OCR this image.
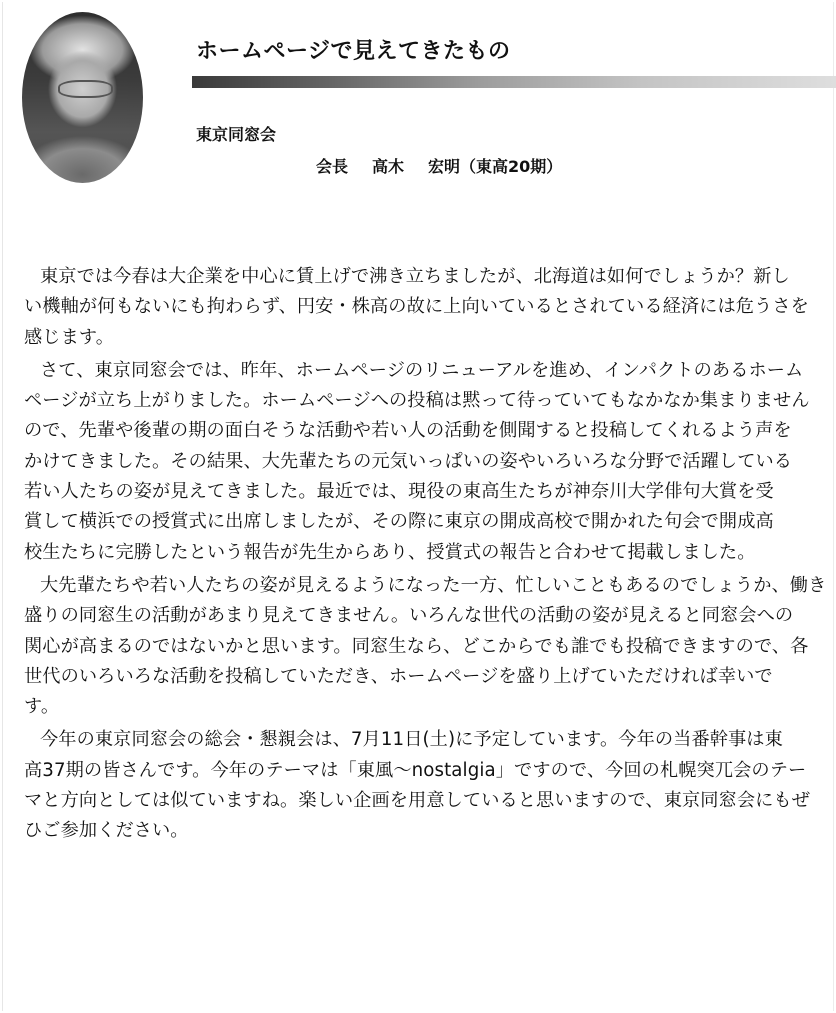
ホームページで見えてきたもの
東京同窓会
会長 高木 宏明（東高20期）
東京では今春は大企業を中心に賃上げで沸き立ちましたが、北海道は如何でしょうか？新し
い機軸が何もないにも拘わらず、円安・株高の故に上向いているとされている経済には危うさを
感じます。
さて、東京同窓会では、昨年、ホームページのリニューアルを進め、インパクトのあるホーム
ページが立ち上がりました。ホームページへの投稿は黙って待っていてもなかなか集まりません
ので、先輩や後輩の期の面白そうな活動や若い人の活動を側聞すると投稿してくれるよう声を
かけてきました。その結果、大先輩たちの元気いっぱいの姿やいろいろな分野で活躍している
若い人たちの姿が見えてきました。最近では、現役の東高生たちが神奈川大学俳句大賞を受
賞して横浜での授賞式に出席しましたが、その際に東京の開成高校で開かれた句会で開成高
校生たちに完勝したという報告が先生からあり、授賞式の報告と合わせて掲載しました。
大先輩たちや若い人たちの姿が見えるようになった一方、忙しいこともあるのでしょうか、働き
盛りの同窓生の活動があまり見えてきません。いろんな世代の活動の姿が見えると同窓会への
関心が高まるのではないかと思います。同窓生なら、どこからでも誰でも投稿できますので、各
世代のいろいろな活動を投稿していただき、ホームページを盛り上げていただければ幸いで
す。
今年の東京同窓会の総会・懇親会は、7月11日(土)に予定しています。今年の当番幹事は東
高37期の皆さんです。今年のテーマは「東風～nostalgia」ですので、今回の札幌突兀会のテー
マと方向としては似ていますね。楽しい企画を用意していると思いますので、東京同窓会にもぜ
ひご参加ください。
